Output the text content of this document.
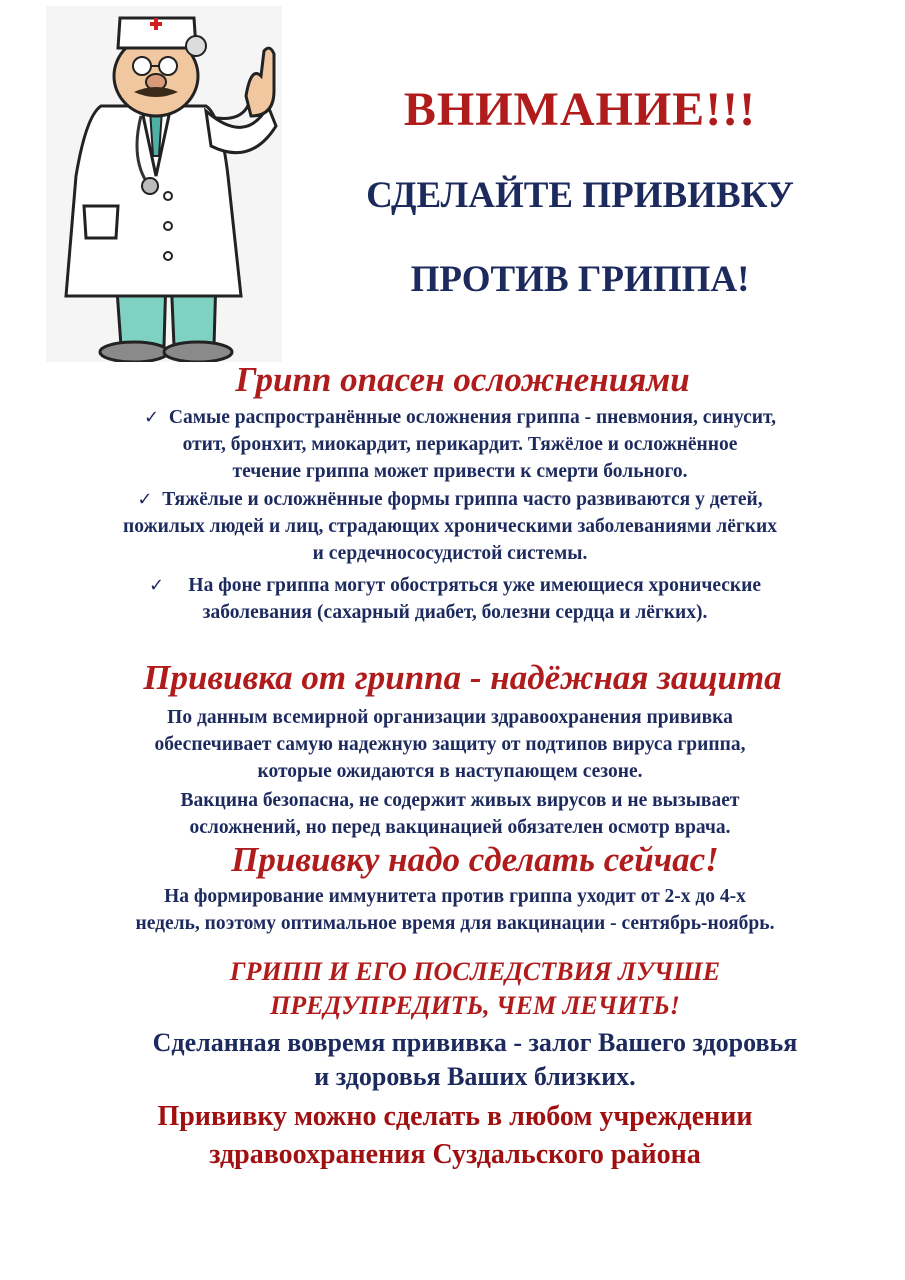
ВНИМАНИЕ!!!
СДЕЛАЙТЕ ПРИВИВКУ
ПРОТИВ ГРИППА!
Грипп опасен осложнениями
✓ Самые распространённые осложнения гриппа - пневмония, синусит,
отит, бронхит, миокардит, перикардит. Тяжёлое и осложнённое
течение гриппа может привести к смерти больного.
✓ Тяжёлые и осложнённые формы гриппа часто развиваются у детей,
пожилых людей и лиц, страдающих хроническими заболеваниями лёгких
и сердечнососудистой системы.
✓ На фоне гриппа могут обостряться уже имеющиеся хронические
заболевания (сахарный диабет, болезни сердца и лёгких).
Прививка от гриппа - надёжная защита
По данным всемирной организации здравоохранения прививка
обеспечивает самую надежную защиту от подтипов вируса гриппа,
которые ожидаются в наступающем сезоне.
Вакцина безопасна, не содержит живых вирусов и не вызывает
осложнений, но перед вакцинацией обязателен осмотр врача.
Прививку надо сделать сейчас!
На формирование иммунитета против гриппа уходит от 2-х до 4-х
недель, поэтому оптимальное время для вакцинации - сентябрь-ноябрь.
ГРИПП И ЕГО ПОСЛЕДСТВИЯ ЛУЧШЕ
ПРЕДУПРЕДИТЬ, ЧЕМ ЛЕЧИТЬ!
Сделанная вовремя прививка - залог Вашего здоровья
и здоровья Ваших близких.
Прививку можно сделать в любом учреждении
здравоохранения Суздальского района
